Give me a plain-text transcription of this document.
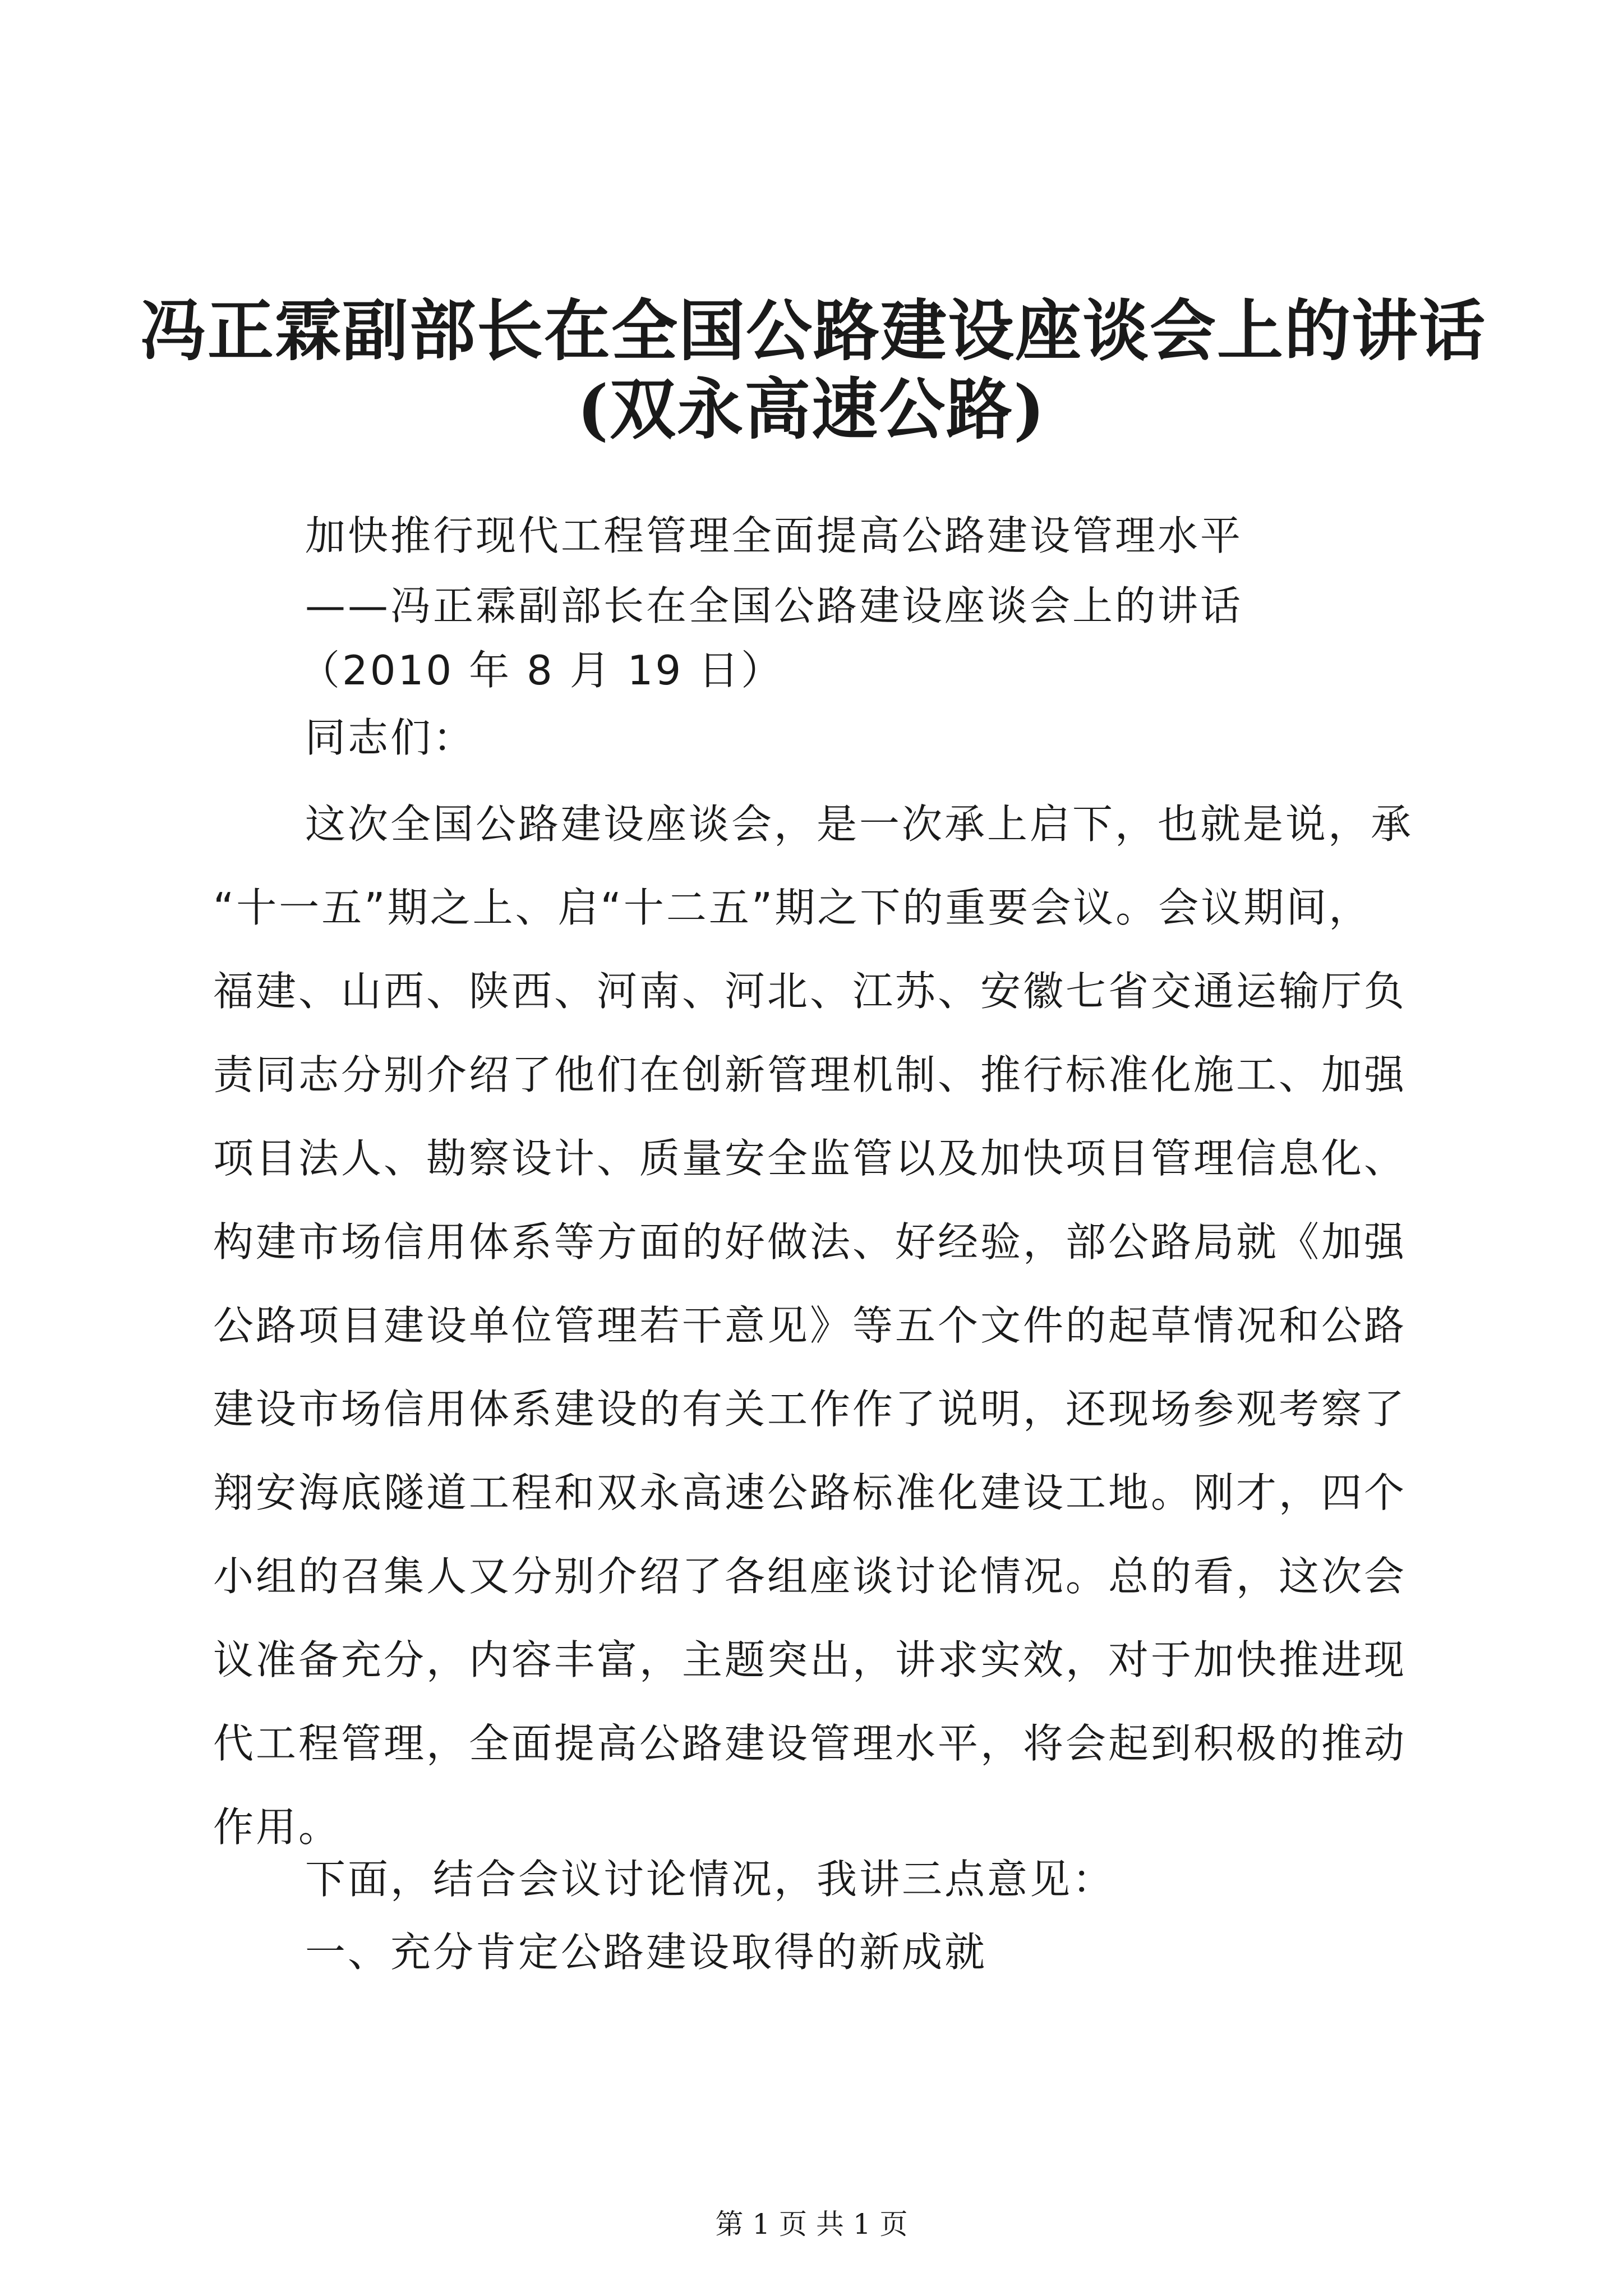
冯正霖副部长在全国公路建设座谈会上的讲话
(双永高速公路)
加快推行现代工程管理全面提高公路建设管理水平
——冯正霖副部长在全国公路建设座谈会上的讲话
（2010 年 8 月 19 日）
同志们：
这次全国公路建设座谈会，是一次承上启下，也就是说，承
“十一五”期之上、启“十二五”期之下的重要会议。会议期间，
福建、山西、陕西、河南、河北、江苏、安徽七省交通运输厅负
责同志分别介绍了他们在创新管理机制、推行标准化施工、加强
项目法人、勘察设计、质量安全监管以及加快项目管理信息化、
构建市场信用体系等方面的好做法、好经验，部公路局就《加强
公路项目建设单位管理若干意见》等五个文件的起草情况和公路
建设市场信用体系建设的有关工作作了说明，还现场参观考察了
翔安海底隧道工程和双永高速公路标准化建设工地。刚才，四个
小组的召集人又分别介绍了各组座谈讨论情况。总的看，这次会
议准备充分，内容丰富，主题突出，讲求实效，对于加快推进现
代工程管理，全面提高公路建设管理水平，将会起到积极的推动
作用。
下面，结合会议讨论情况，我讲三点意见：
一、充分肯定公路建设取得的新成就
第 1 页 共 1 页
